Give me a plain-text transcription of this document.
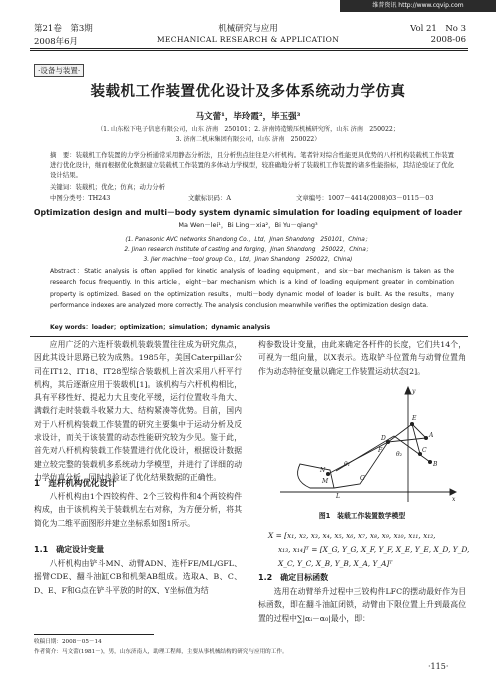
维普资讯 http://www.cqvip.com
第21卷　第3期
2008年6月
机械研究与应用
MECHANICAL RESEARCH & APPLICATION
Vol 21　No 3
2008-06
·设备与装置·
装载机工作装置优化设计及多体系统动力学仿真
马文蕾¹，毕玲霞²，毕玉强³
（1. 山东松下电子信息有限公司，山东 济南　250101；2. 济南铸造锻压机械研究所，山东 济南　250022；
3. 济南二机床集团有限公司，山东 济南　250022）
摘　要：装载机工作装置的力学分析通常采用静态分析法，且分析焦点往往是六杆机构。笔者针对综合性能更具优势的八杆机构装载机工作装置进行优化设计，继而根据优化数据建立装载机工作装置的多体动力学模型，较准确地分析了装载机工作装置的诸多性能指标，其结论验证了优化设计结果。
关键词：装载机；优化；仿真；动力分析
中图分类号：TH243	文献标识码：A	文章编号：1007－4414(2008)03－0115－03
Optimization design and multi－body system dynamic simulation for loading equipment of loader
Ma Wen－lei¹，Bi Ling－xia²，Bi Yu－qiang³
(1. Panasonic AVC networks Shandong Co.，Ltd，Jinan Shandong　250101，China；
2. Jinan research institute of casting and forging，Jinan Shandong　250022，China；
3. Jier machine－tool group Co.，Ltd，Jinan Shandong　250022，China)
Abstract：Static analysis is often applied for kinetic analysis of loading equipment，and six－bar mechanism is taken as the research focus frequently. In this article，eight－bar mechanism which is a kind of loading equipment greater in combination property is optimized. Based on the optimization results，multi－body dynamic model of loader is built. As the results，many performance indexes are analyzed more correctly. The analysis conclusion meanwhile verifies the optimization design data.
Key words：loader；optimization；simulation；dynamic analysis
应用广泛的六连杆装载机装载装置往往成为研究焦点，因此其设计思路已较为成熟。1985年，美国Caterpillar公司在IT12、IT18、IT28型综合装载机上首次采用八杆平行机构，其后逐渐应用于装载机[1]。该机构与六杆机构相比，具有平移性好、提起力大且变化平缓，运行位置收斗角大、满载行走时装载斗收紧力大、结构紧凑等优势。目前，国内对于八杆机构装载工作装置的研究主要集中于运动分析及反求设计，而关于该装置的动态性能研究较为少见。鉴于此，首先对八杆机构装载工作装置进行优化设计，根据设计数据建立较完整的装载机多系统动力学模型，并进行了详细的动力学仿真分析，同时也验证了优化结果数据的正确性。
1　连杆机构优化设计
八杆机构由1个四铰构件、2个三铰构件和4个两铰构件构成，由于该机构关于装载机左右对称，为方便分析，将其简化为二维平面图形并建立坐标系如图1所示。
1.1　确定设计变量
八杆机构由铲斗MN、动臂ADN、连杆FE/ML/GFL、摇臂CDE、翻斗油缸CB和机架AB组成。选取A、B、C、D、E、F和G点在铲斗平放的时的X、Y坐标值为结
构参数设计变量，由此来确定各杆件的长度，它们共14个，可视为一组向量，以X表示。选取铲斗位置角与动臂位置角作为动态特征变量以确定工作装置运动状态[2]。
y
x
N
M
L
G
F
E
D
C
B
A
θ₁
θ₂
图1　装载工作装置数学模型
X = [x₁, x₂, x₃, x₄, x₅, x₆, x₇, x₈, x₉, x₁₀, x₁₁, x₁₂,
x₁₃, x₁₄]ᵀ = [X_G, Y_G, X_F, Y_F, X_E, Y_E, X_D, Y_D,
X_C, Y_C, X_B, Y_B, X_A, Y_A]ᵀ
1.2　确定目标函数
选用在动臂举升过程中三铰构件LFC的摆动最好作为目标函数，即在翻斗油缸闭锁，动臂由下限位置上升到最高位置的过程中∑|αᵢ－α₀|最小，即：
收稿日期：2008－05－14
作者简介：马文蕾(1981－)，男，山东济南人，助理工程师，主要从事机械结构的研究与应用的工作。
·115·
